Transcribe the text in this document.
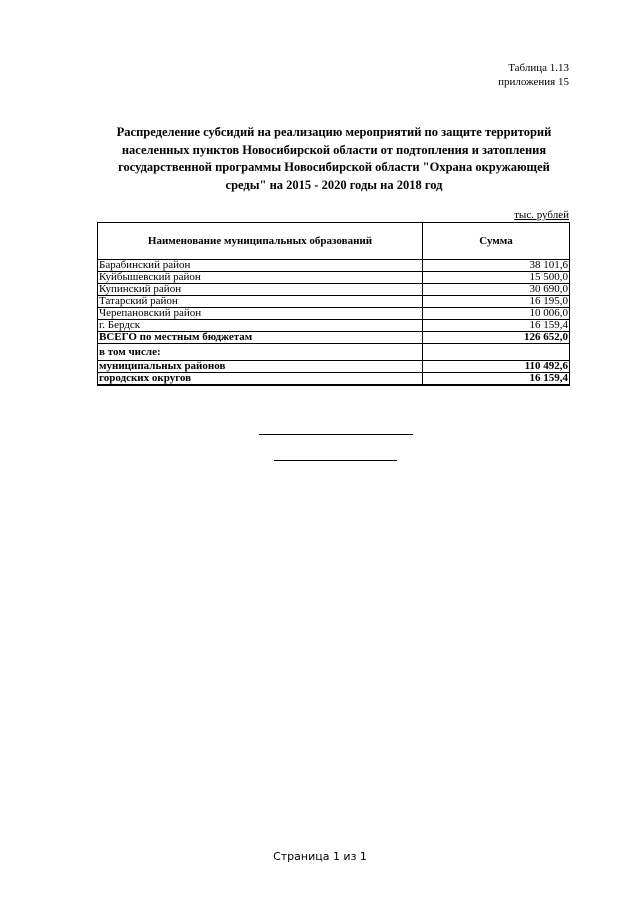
Таблица 1.13
приложения 15
Распределение субсидий на реализацию мероприятий по защите территорий
населенных пунктов Новосибирской области от подтопления и затопления
государственной программы Новосибирской области "Охрана окружающей
среды" на 2015 - 2020 годы на 2018 год
тыс. рублей
Наименование муниципальных образований	Сумма
Барабинский район	38 101,6
Куйбышевский район	15 500,0
Купинский район	30 690,0
Татарский район	16 195,0
Черепановский район	10 006,0
г. Бердск	16 159,4
ВСЕГО по местным бюджетам	126 652,0
в том числе:	
муниципальных районов	110 492,6
городских округов	16 159,4
Страница 1 из 1
